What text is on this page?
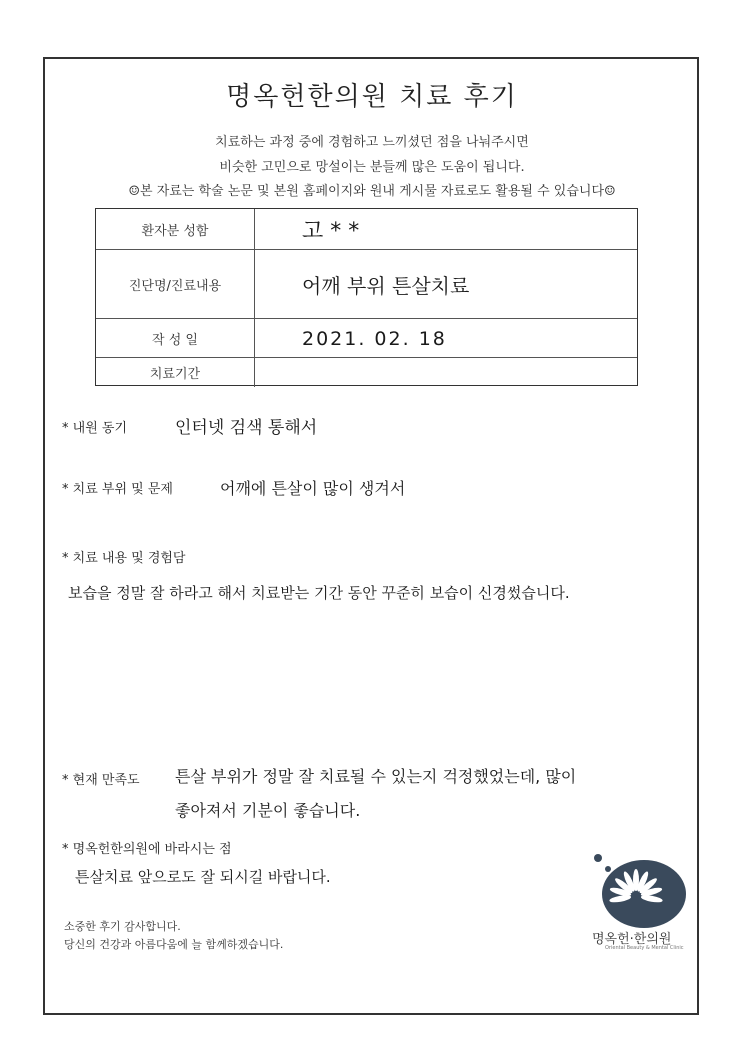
명옥헌한의원 치료 후기
치료하는 과정 중에 경험하고 느끼셨던 점을 나눠주시면
비슷한 고민으로 망설이는 분들께 많은 도움이 됩니다.
☺본 자료는 학술 논문 및 본원 홈페이지와 원내 게시물 자료로도 활용될 수 있습니다☺
환자분 성함	고 * *
진단명/진료내용	어깨 부위 튼살치료
작 성 일	2021. 02. 18
치료기간
* 내원 동기	인터넷 검색 통해서
* 치료 부위 및 문제	어깨에 튼살이 많이 생겨서
* 치료 내용 및 경험담
보습을 정말 잘 하라고 해서 치료받는 기간 동안 꾸준히 보습이 신경썼습니다.
* 현재 만족도 튼살 부위가 정말 잘 치료될 수 있는지 걱정했었는데, 많이
좋아져서 기분이 좋습니다.
* 명옥헌한의원에 바라시는 점
튼살치료 앞으로도 잘 되시길 바랍니다.
소중한 후기 감사합니다.
당신의 건강과 아름다움에 늘 함께하겠습니다.	명옥헌·한의원
Oriental Beauty & Mental Clinic
